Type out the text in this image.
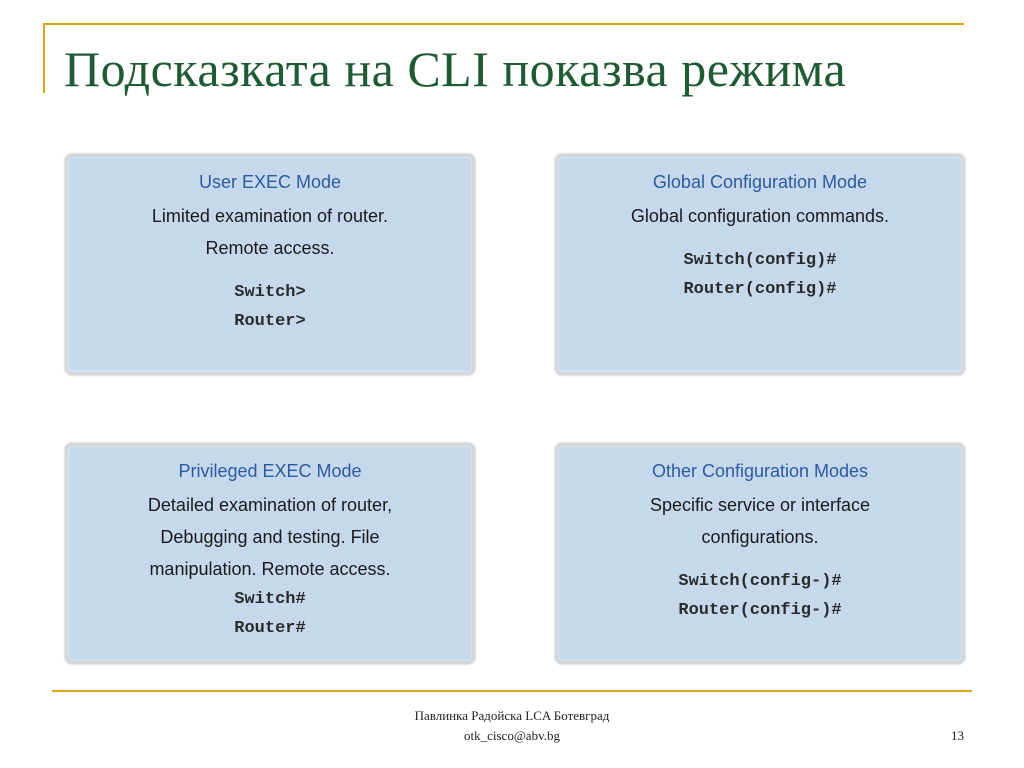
Подсказката на CLI показва режима
User EXEC Mode
Limited examination of router.
Remote access.
Switch>
Router>
Global Configuration Mode
Global configuration commands.
Switch(config)#
Router(config)#
Privileged EXEC Mode
Detailed examination of router,
Debugging and testing. File
manipulation. Remote access.
Switch#
Router#
Other Configuration Modes
Specific service or interface
configurations.
Switch(config-)#
Router(config-)#
Павлинка Радойска LCA Ботевград
otk_cisco@abv.bg	13
